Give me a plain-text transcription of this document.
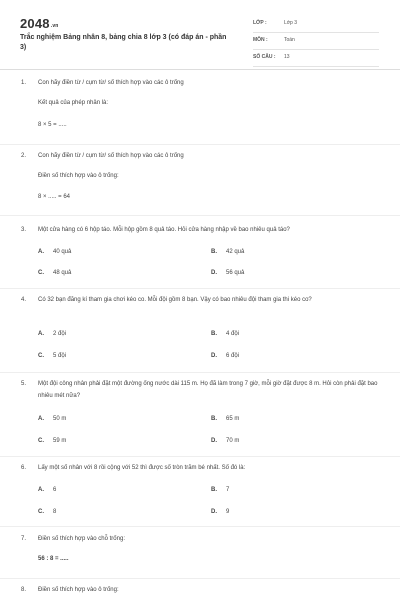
2048.vn
Trắc nghiệm Bảng nhân 8, bảng chia 8 lớp 3 (có đáp án - phần 3)
LỚP :	Lớp 3
MÔN :	Toán
SỐ CÂU : 13
1. Con hãy điền từ / cụm từ/ số thích hợp vào các ô trống
Kết quả của phép nhân là:
8 × 5 = .....
2. Con hãy điền từ / cụm từ/ số thích hợp vào các ô trống
Điền số thích hợp vào ô trống:
8 × ..... = 64
3. Một cửa hàng có 6 hộp táo. Mỗi hộp gồm 8 quả táo. Hỏi cửa hàng nhập về bao nhiêu quả táo?
A. 40 quả	B. 42 quả
C. 48 quả	D. 56 quả
4. Có 32 bạn đăng kí tham gia chơi kéo co. Mỗi đội gồm 8 bạn. Vậy có bao nhiêu đội tham gia thi kéo co?
A. 2 đội	B. 4 đội
C. 5 đội	D. 6 đội
5. Một đội công nhân phải đặt một đường ống nước dài 115 m. Họ đã làm trong 7 giờ, mỗi giờ đặt được 8 m. Hỏi còn phải đặt bao nhiêu mét nữa?
A. 50 m	B. 65 m
C. 59 m	D. 70 m
6. Lấy một số nhân với 8 rồi cộng với 52 thì được số tròn trăm bé nhất. Số đó là:
A. 6	B. 7
C. 8	D. 9
7. Điền số thích hợp vào chỗ trống:
56 : 8 = .....
8. Điền số thích hợp vào ô trống:
